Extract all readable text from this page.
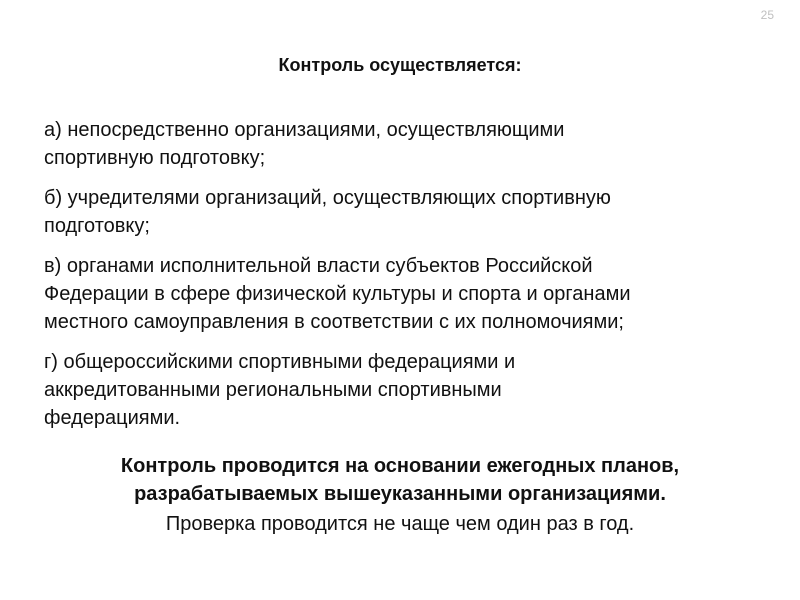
25
Контроль осуществляется:
а) непосредственно организациями, осуществляющими
спортивную подготовку;
б) учредителями организаций, осуществляющих спортивную
подготовку;
в) органами исполнительной власти субъектов Российской
Федерации в сфере физической культуры и спорта и органами
местного самоуправления в соответствии с их полномочиями;
г) общероссийскими спортивными федерациями и
аккредитованными региональными спортивными
федерациями.
Контроль проводится на основании ежегодных планов,
разрабатываемых вышеуказанными организациями.
Проверка проводится не чаще чем один раз в год.
